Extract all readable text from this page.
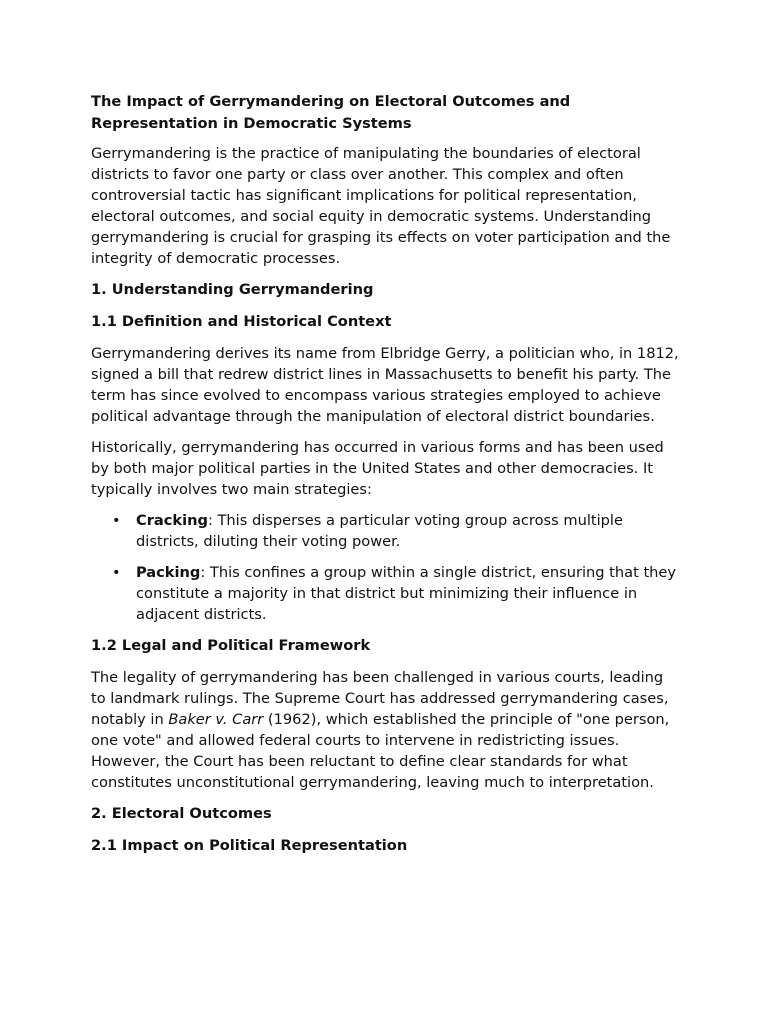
The Impact of Gerrymandering on Electoral Outcomes and Representation in Democratic Systems

Gerrymandering is the practice of manipulating the boundaries of electoral districts to favor one party or class over another. This complex and often controversial tactic has significant implications for political representation, electoral outcomes, and social equity in democratic systems. Understanding gerrymandering is crucial for grasping its effects on voter participation and the integrity of democratic processes.

1. Understanding Gerrymandering
1.1 Definition and Historical Context

Gerrymandering derives its name from Elbridge Gerry, a politician who, in 1812, signed a bill that redrew district lines in Massachusetts to benefit his party. The term has since evolved to encompass various strategies employed to achieve political advantage through the manipulation of electoral district boundaries.

Historically, gerrymandering has occurred in various forms and has been used by both major political parties in the United States and other democracies. It typically involves two main strategies:

• Cracking: This disperses a particular voting group across multiple districts, diluting their voting power.
• Packing: This confines a group within a single district, ensuring that they constitute a majority in that district but minimizing their influence in adjacent districts.
1.2 Legal and Political Framework

The legality of gerrymandering has been challenged in various courts, leading to landmark rulings. The Supreme Court has addressed gerrymandering cases, notably in Baker v. Carr (1962), which established the principle of "one person, one vote" and allowed federal courts to intervene in redistricting issues. However, the Court has been reluctant to define clear standards for what constitutes unconstitutional gerrymandering, leaving much to interpretation.

2. Electoral Outcomes
2.1 Impact on Political Representation
